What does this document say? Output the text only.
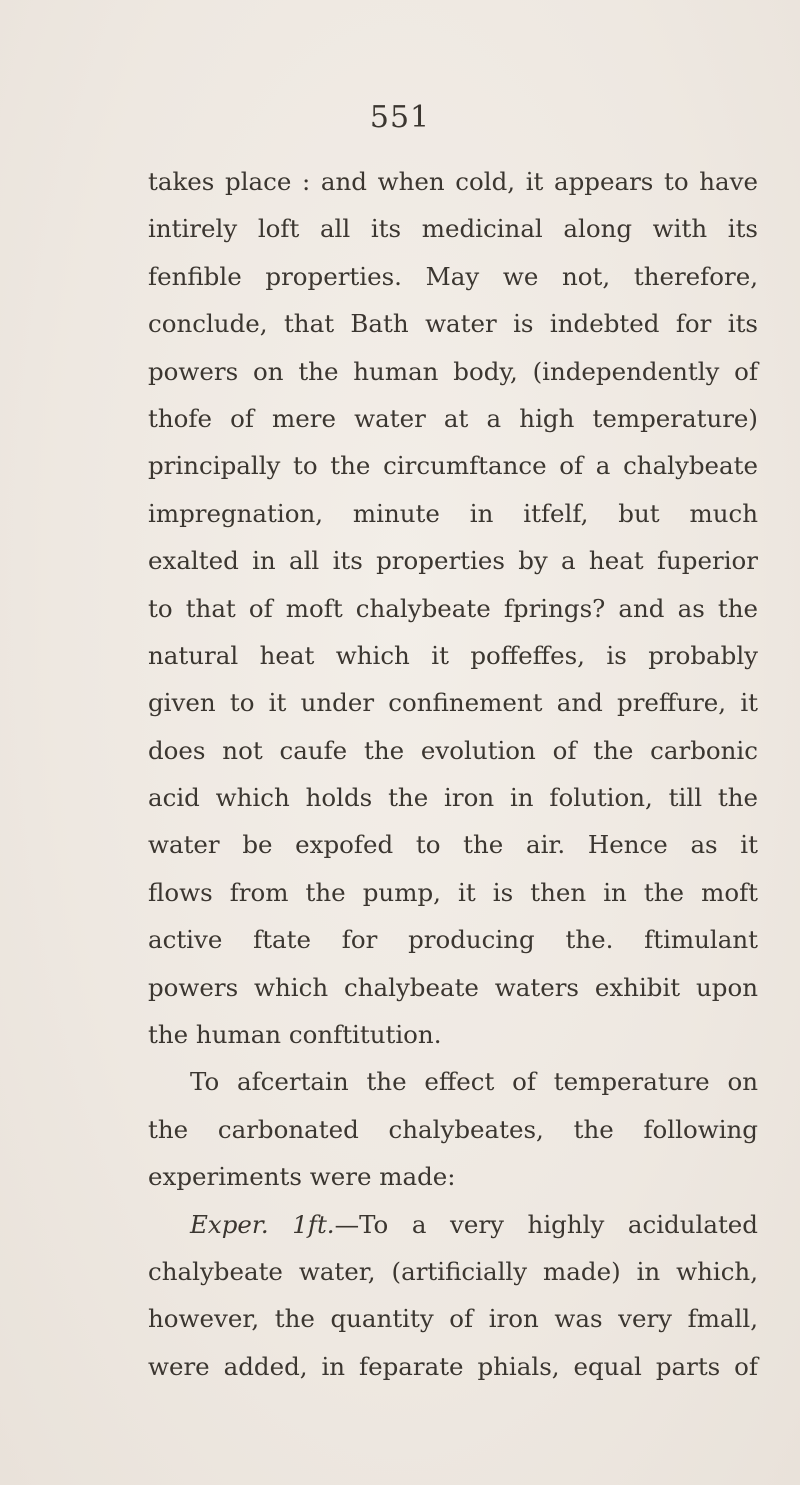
551
takes place : and when cold, it appears to have
intirely loft all its medicinal along with its
fenfible properties. May we not, therefore,
conclude, that Bath water is indebted for its
powers on the human body, (independently of
thofe of mere water at a high temperature)
principally to the circumftance of a chalybeate
impregnation, minute in itfelf, but much
exalted in all its properties by a heat fuperior
to that of moft chalybeate fprings? and as the
natural heat which it poffeffes, is probably
given to it under confinement and preffure, it
does not caufe the evolution of the carbonic
acid which holds the iron in folution, till the
water be expofed to the air. Hence as it
flows from the pump, it is then in the moft
active ftate for producing the. ftimulant
powers which chalybeate waters exhibit upon
the human conftitution.
To afcertain the effect of temperature on
the carbonated chalybeates, the following
experiments were made:
Exper. 1ft.—To a very highly acidulated
chalybeate water, (artificially made) in which,
however, the quantity of iron was very fmall,
were added, in feparate phials, equal parts of
